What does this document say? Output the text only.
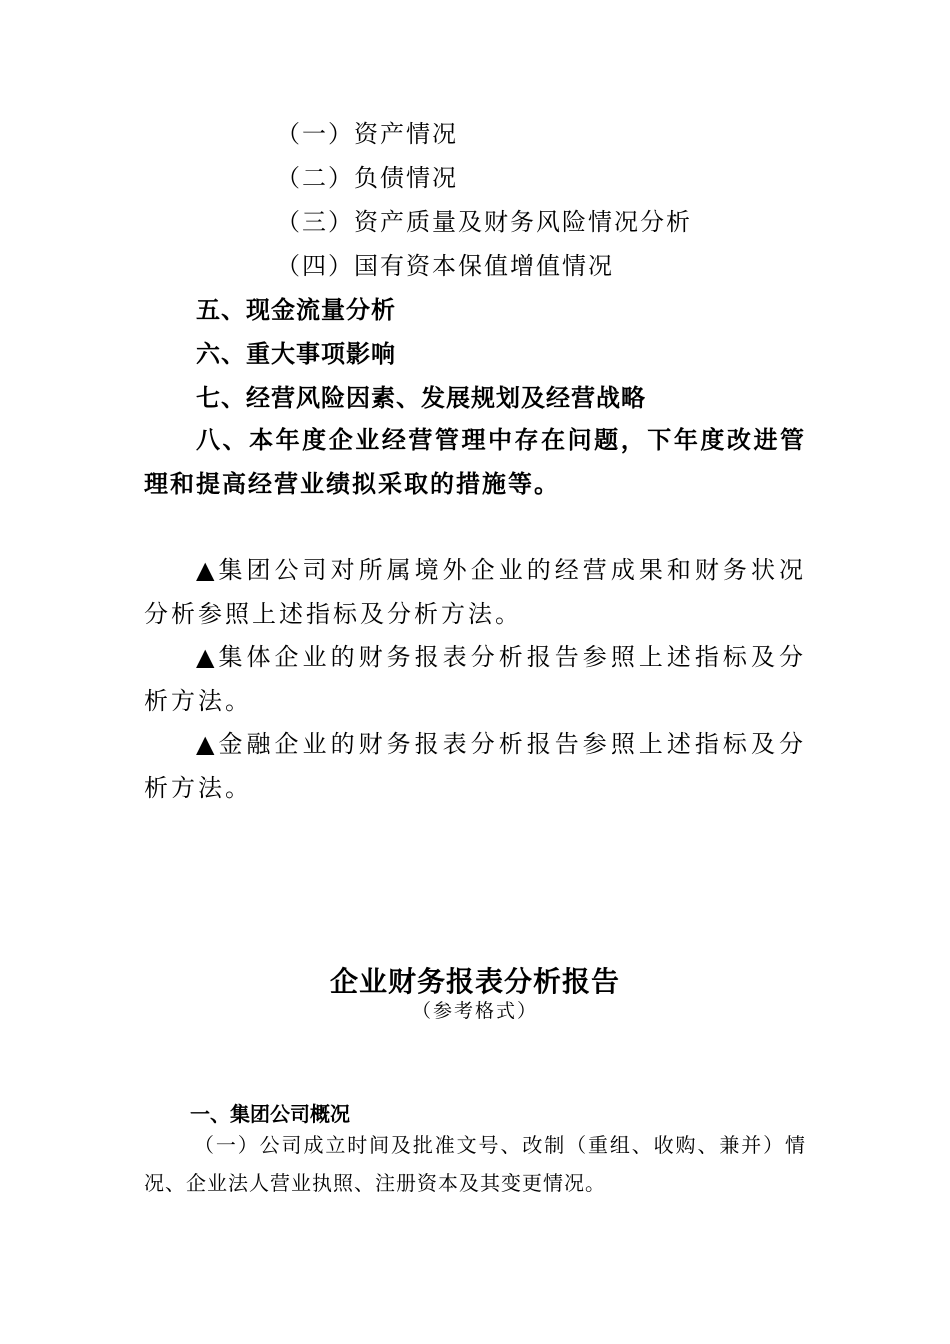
（一）资产情况

（二）负债情况

（三）资产质量及财务风险情况分析

（四）国有资本保值增值情况

五、现金流量分析

六、重大事项影响

七、经营风险因素、发展规划及经营战略

八、本年度企业经营管理中存在问题，下年度改进管理和提高经营业绩拟采取的措施等。

▲集团公司对所属境外企业的经营成果和财务状况分析参照上述指标及分析方法。

▲集体企业的财务报表分析报告参照上述指标及分析方法。

▲金融企业的财务报表分析报告参照上述指标及分析方法。

企业财务报表分析报告

（参考格式）

一、集团公司概况

（一）公司成立时间及批准文号、改制（重组、收购、兼并）情况、企业法人营业执照、注册资本及其变更情况。
